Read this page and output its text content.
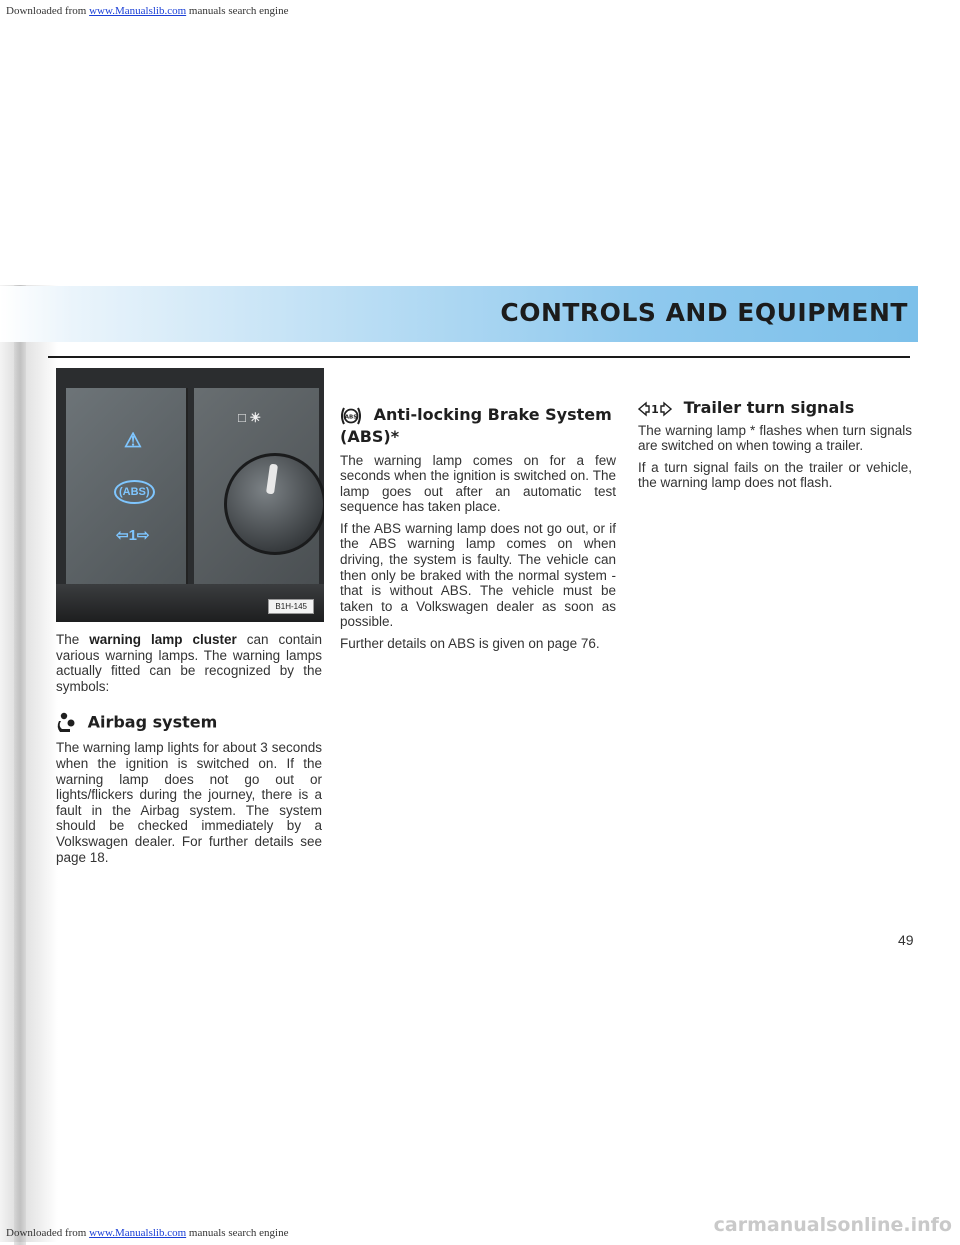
Downloaded from www.Manualslib.com manuals search engine
CONTROLS AND EQUIPMENT
⚠
(ABS)
⇦1⇨
□ ☀
B1H-145

The warning lamp cluster can contain various warning lamps. The warning lamps actually fitted can be recognized by the symbols:

Airbag system

The warning lamp lights for about 3 seconds when the ignition is switched on. If the warning lamp does not go out or lights/flickers during the journey, there is a fault in the Airbag system. The system should be checked immediately by a Volkswagen dealer. For further details see page 18.

ABS Anti-locking Brake System (ABS)*

The warning lamp comes on for a few seconds when the ignition is switched on. The lamp goes out after an automatic test sequence has taken place.

If the ABS warning lamp does not go out, or if the ABS warning lamp comes on when driving, the system is faulty. The vehicle can then only be braked with the normal system - that is without ABS. The vehicle must be taken to a Volkswagen dealer as soon as possible.

Further details on ABS is given on page 76.

1 Trailer turn signals

The warning lamp * flashes when turn signals are switched on when towing a trailer.

If a turn signal fails on the trailer or vehicle, the warning lamp does not flash.

49
Downloaded from www.Manualslib.com manuals search engine	carmanualsonline.info
